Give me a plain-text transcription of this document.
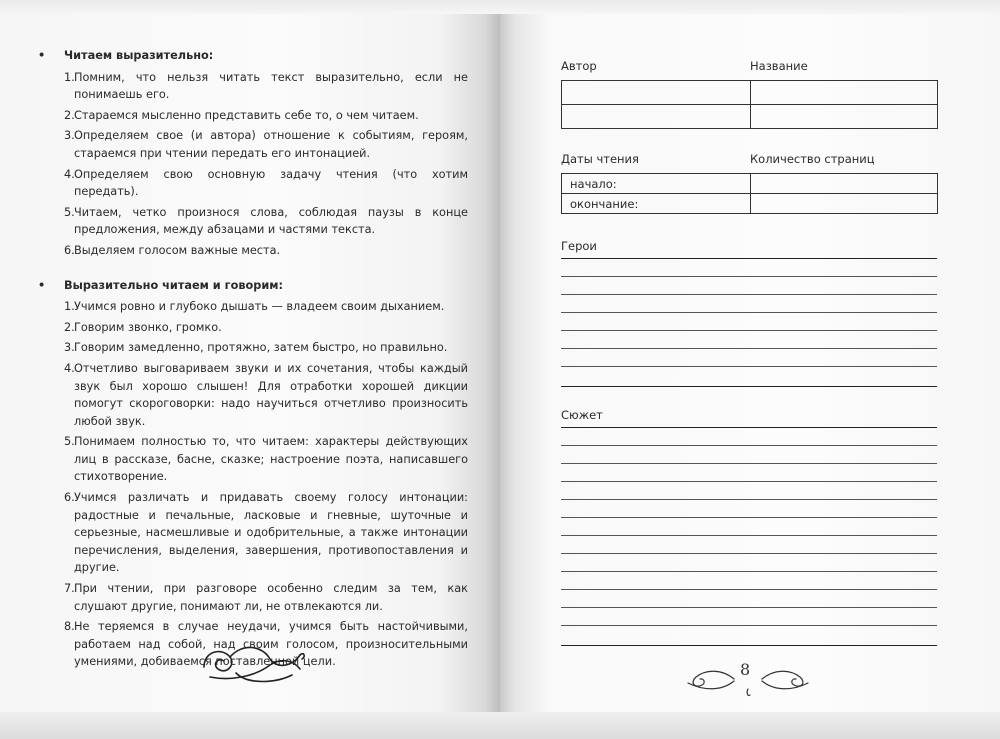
• Читаем выразительно:
1. Помним, что нельзя читать текст выразительно, если не понимаешь его.
2. Стараемся мысленно представить себе то, о чем читаем.
3. Определяем свое (и автора) отношение к событиям, героям, стараемся при чтении передать его интонацией.
4. Определяем свою основную задачу чтения (что хотим передать).
5. Читаем, четко произнося слова, соблюдая паузы в конце предложения, между абзацами и частями текста.
6. Выделяем голосом важные места.
• Выразительно читаем и говорим:
1. Учимся ровно и глубоко дышать — владеем своим дыханием.
2. Говорим звонко, громко.
3. Говорим замедленно, протяжно, затем быстро, но правильно.
4. Отчетливо выговариваем звуки и их сочетания, чтобы каждый звук был хорошо слышен! Для отработки хорошей дикции помогут скороговорки: надо научиться отчетливо произносить любой звук.
5. Понимаем полностью то, что читаем: характеры действующих лиц в рассказе, басне, сказке; настроение поэта, написавшего стихотворение.
6. Учимся различать и придавать своему голосу интонации: радостные и печальные, ласковые и гневные, шуточные и серьезные, насмешливые и одобрительные, а также интонации перечисления, выделения, завершения, противопоставления и другие.
7. При чтении, при разговоре особенно следим за тем, как слушают другие, понимают ли, не отвлекаются ли.
8. Не теряемся в случае неудачи, учимся быть настойчивыми, работаем над собой, над своим голосом, произносительными умениями, добиваемся поставленной цели.
Автор	Название

Даты чтения	Количество страниц
начало:	
окончание:	
Герои
Сюжет
8
